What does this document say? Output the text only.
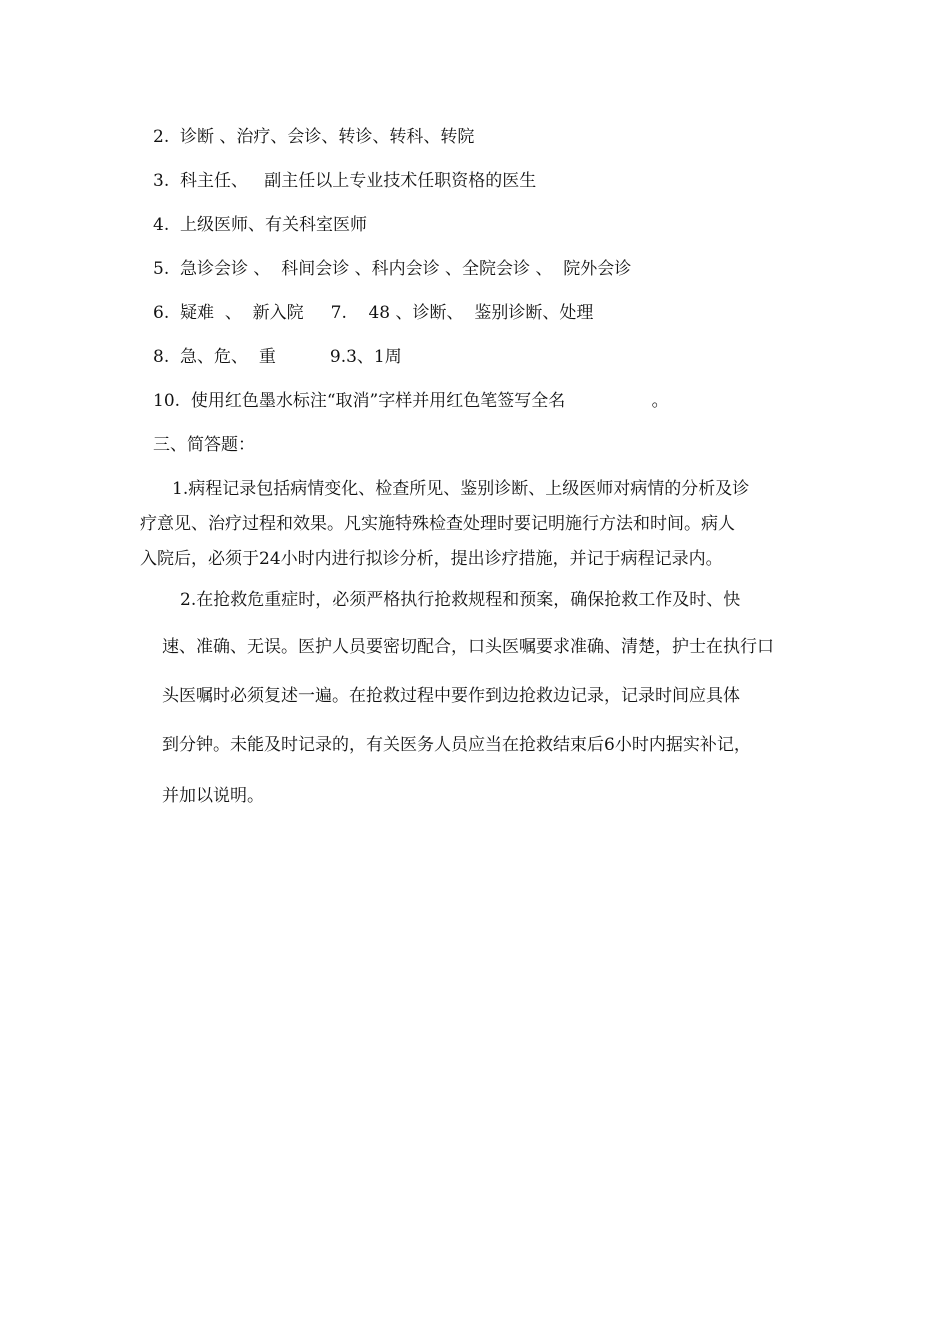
2.  诊断 、治疗、会诊、转诊、转科、转院
3.  科主任、   副主任以上专业技术任职资格的医生
4.  上级医师、有关科室医师
5.  急诊会诊 、  科间会诊 、科内会诊 、全院会诊 、  院外会诊
6.  疑难  、  新入院     7.    48 、诊断、  鉴别诊断、处理
8.  急、危、  重          9.3、1周
10.  使用红色墨水标注“取消”字样并用红色笔签写全名                。
三、简答题：
1.病程记录包括病情变化、检查所见、鉴别诊断、上级医师对病情的分析及诊
疗意见、治疗过程和效果。凡实施特殊检查处理时要记明施行方法和时间。病人
入院后，必须于24小时内进行拟诊分析，提出诊疗措施，并记于病程记录内。
2.在抢救危重症时，必须严格执行抢救规程和预案，确保抢救工作及时、快
速、准确、无误。医护人员要密切配合，口头医嘱要求准确、清楚，护士在执行口
头医嘱时必须复述一遍。在抢救过程中要作到边抢救边记录，记录时间应具体
到分钟。未能及时记录的，有关医务人员应当在抢救结束后6小时内据实补记，
并加以说明。
